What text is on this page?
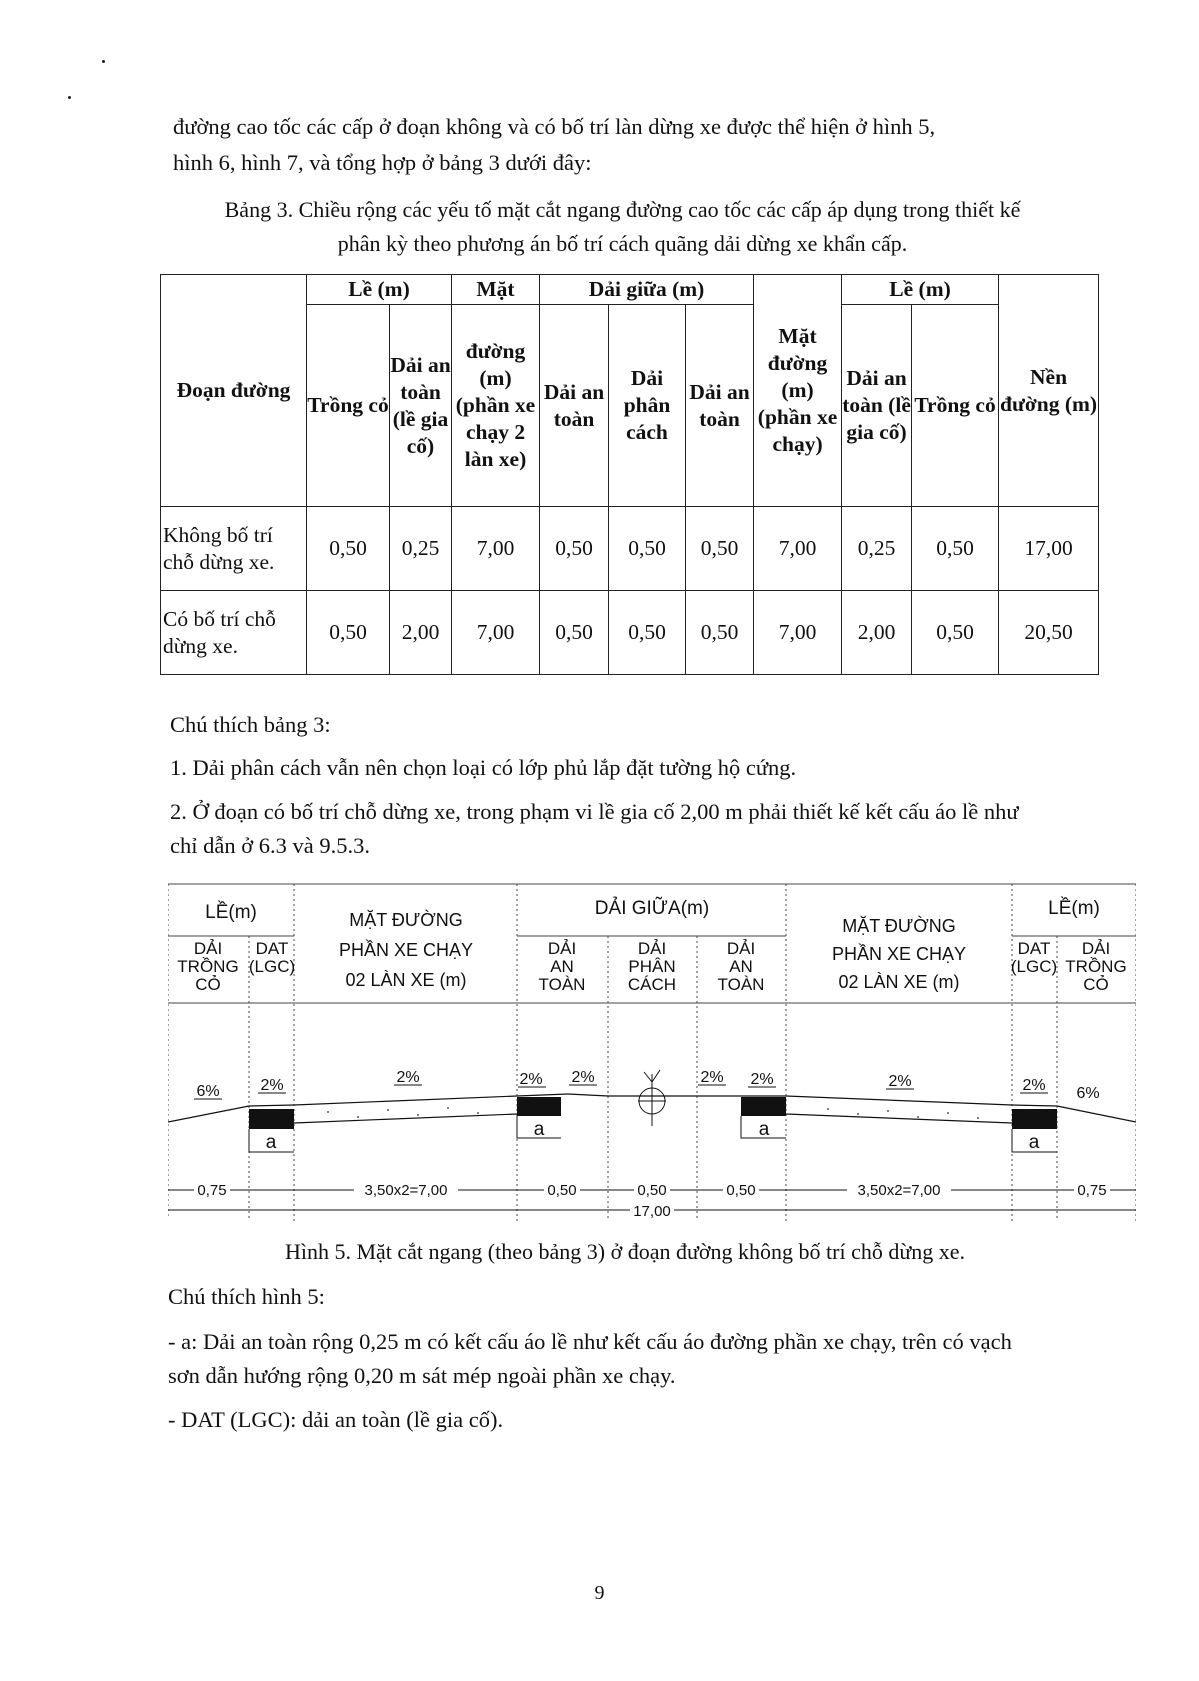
đường cao tốc các cấp ở đoạn không và có bố trí làn dừng xe được thể hiện ở hình 5,

hình 6, hình 7, và tổng hợp ở bảng 3 dưới đây:

Bảng 3. Chiều rộng các yếu tố mặt cắt ngang đường cao tốc các cấp áp dụng trong thiết kế
phân kỳ theo phương án bố trí cách quãng dải dừng xe khẩn cấp.
Đoạn đường	Lề (m)		Mặt	Dải giữa (m)			Mặt đường (m) (phần xe chạy)	Lề (m)		Nền đường (m)
	Trồng cỏ	Dải an toàn (lề gia cố)	đường (m) (phần xe chạy 2 làn xe)	Dải an toàn	Dải phân cách	Dải an toàn		Dải an toàn (lề gia cố)	Trồng cỏ	
Không bố trí chỗ dừng xe.	0,50	0,25	7,00	0,50	0,50	0,50	7,00	0,25	0,50	17,00
Có bố trí chỗ dừng xe.	0,50	2,00	7,00	0,50	0,50	0,50	7,00	2,00	0,50	20,50

Chú thích bảng 3:

1. Dải phân cách vẫn nên chọn loại có lớp phủ lắp đặt tường hộ cứng.

2. Ở đoạn có bố trí chỗ dừng xe, trong phạm vi lề gia cố 2,00 m phải thiết kế kết cấu áo lề như

chỉ dẫn ở 6.3 và 9.5.3.

LỀ(m)
DẢI
TRỒNG
CỎ
DAT
(LGC)
MẶT ĐƯỜNG
PHẦN XE CHẠY
02 LÀN XE (m)
DẢI GIỮA(m)
DẢI
AN
TOÀN
DẢI
PHÂN
CÁCH
DẢI
AN
TOÀN
MẶT ĐƯỜNG
PHẦN XE CHẠY
02 LÀN XE (m)
LỀ(m)
DAT
(LGC)
DẢI
TRỒNG
CỎ
a
a	a
a
6%	2%	2%	2% 2%	2% 2%	2%	2% 6%
0,75	3,50x2=7,00	0,50	0,50	0,50	3,50x2=7,00	0,75
17,00
Hình 5. Mặt cắt ngang (theo bảng 3) ở đoạn đường không bố trí chỗ dừng xe.

Chú thích hình 5:

- a: Dải an toàn rộng 0,25 m có kết cấu áo lề như kết cấu áo đường phần xe chạy, trên có vạch

sơn dẫn hướng rộng 0,20 m sát mép ngoài phần xe chạy.

- DAT (LGC): dải an toàn (lề gia cố).

9
